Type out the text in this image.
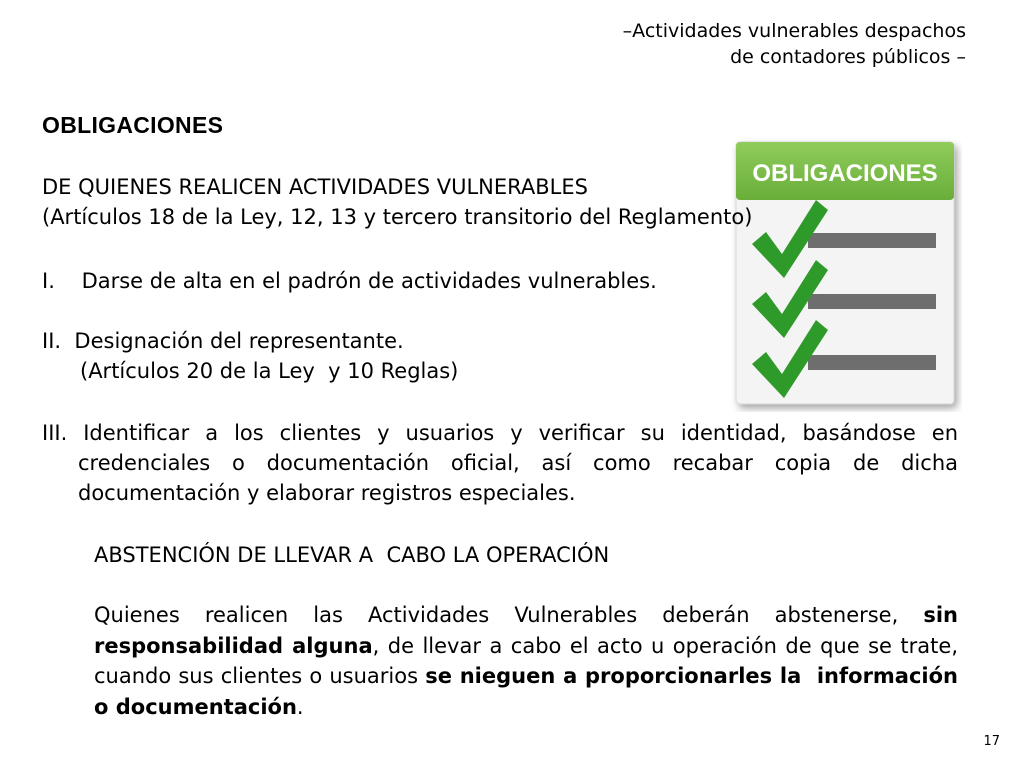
–Actividades vulnerables despachos
de contadores públicos –
OBLIGACIONES
OBLIGACIONES
DE QUIENES REALICEN ACTIVIDADES VULNERABLES
(Artículos 18 de la Ley, 12, 13 y tercero transitorio del Reglamento)
I.    Darse de alta en el padrón de actividades vulnerables.
II.  Designación del representante.
(Artículos 20 de la Ley  y 10 Reglas)
III. Identificar a los clientes y usuarios y verificar su identidad, basándose en credenciales o documentación oficial, así como recabar copia de dicha documentación y elaborar registros especiales.
ABSTENCIÓN DE LLEVAR A  CABO LA OPERACIÓN
Quienes realicen las Actividades Vulnerables deberán abstenerse, sin responsabilidad alguna, de llevar a cabo el acto u operación de que se trate, cuando sus clientes o usuarios se nieguen a proporcionarles la  información o documentación.
17
